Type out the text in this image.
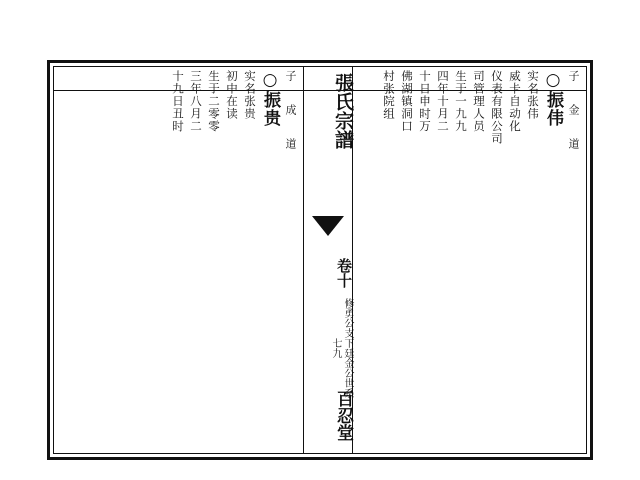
張氏宗譜
卷十
修勇公支下廷金公世系 七九
百忍堂
子 金 道
○振伟
实名张伟
威卡自动化
仪表有限公司
司管理人员
生于一九九
四年十月二
十日申时万
佛湖镇洞口
村张院组
子 成 道
○振贵
实名张贵
初中在读
生于二零零
三年八月二
十九日丑时
